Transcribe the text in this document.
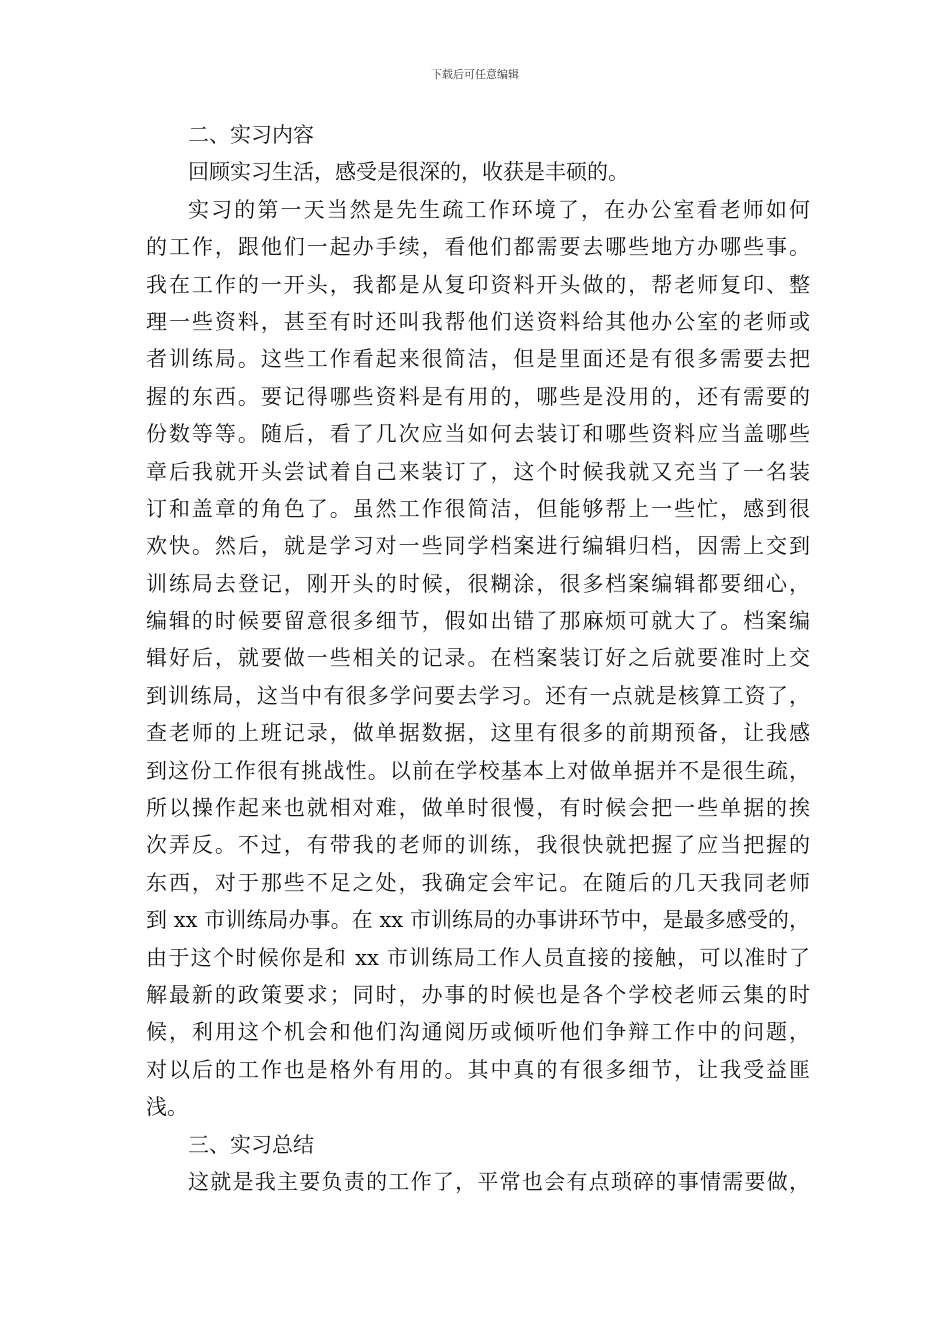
下载后可任意编辑
二、实习内容
回顾实习生活，感受是很深的，收获是丰硕的。
实习的第一天当然是先生疏工作环境了，在办公室看老师如何
的工作，跟他们一起办手续，看他们都需要去哪些地方办哪些事。
我在工作的一开头，我都是从复印资料开头做的，帮老师复印、整
理一些资料，甚至有时还叫我帮他们送资料给其他办公室的老师或
者训练局。这些工作看起来很简洁，但是里面还是有很多需要去把
握的东西。要记得哪些资料是有用的，哪些是没用的，还有需要的
份数等等。随后，看了几次应当如何去装订和哪些资料应当盖哪些
章后我就开头尝试着自己来装订了，这个时候我就又充当了一名装
订和盖章的角色了。虽然工作很简洁，但能够帮上一些忙，感到很
欢快。然后，就是学习对一些同学档案进行编辑归档，因需上交到
训练局去登记，刚开头的时候，很糊涂，很多档案编辑都要细心，
编辑的时候要留意很多细节，假如出错了那麻烦可就大了。档案编
辑好后，就要做一些相关的记录。在档案装订好之后就要准时上交
到训练局，这当中有很多学问要去学习。还有一点就是核算工资了，
查老师的上班记录，做单据数据，这里有很多的前期预备，让我感
到这份工作很有挑战性。以前在学校基本上对做单据并不是很生疏，
所以操作起来也就相对难，做单时很慢，有时候会把一些单据的挨
次弄反。不过，有带我的老师的训练，我很快就把握了应当把握的
东西，对于那些不足之处，我确定会牢记。在随后的几天我同老师
到 xx 市训练局办事。在 xx 市训练局的办事讲环节中，是最多感受的，
由于这个时候你是和 xx 市训练局工作人员直接的接触，可以准时了
解最新的政策要求；同时，办事的时候也是各个学校老师云集的时
候，利用这个机会和他们沟通阅历或倾听他们争辩工作中的问题，
对以后的工作也是格外有用的。其中真的有很多细节，让我受益匪
浅。
三、实习总结
这就是我主要负责的工作了，平常也会有点琐碎的事情需要做，
